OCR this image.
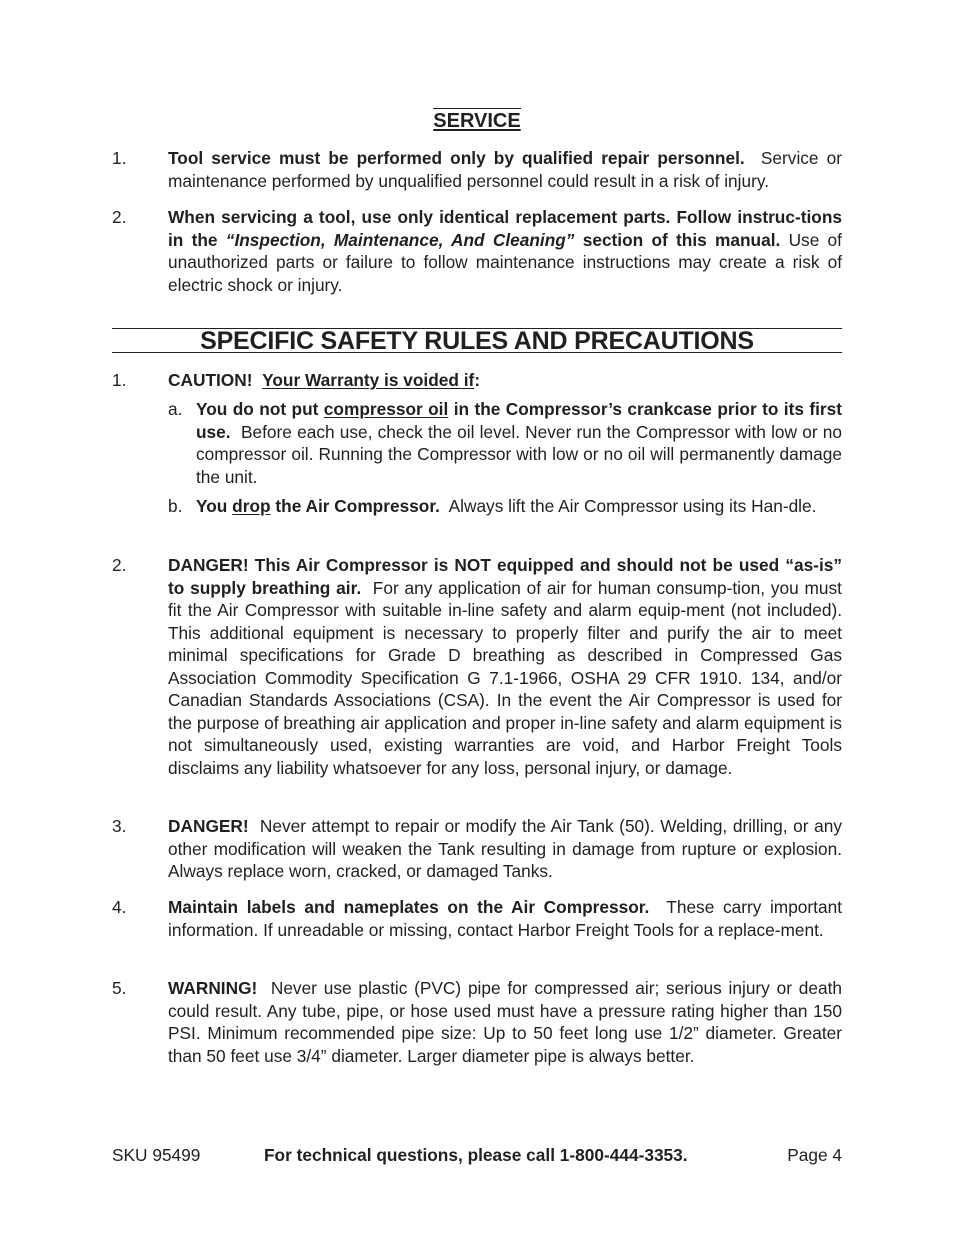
SERVICE
1.	Tool service must be performed only by qualified repair personnel. Service or maintenance performed by unqualified personnel could result in a risk of injury.
2.	When servicing a tool, use only identical replacement parts. Follow instruc-tions in the “Inspection, Maintenance, And Cleaning” section of this manual. Use of unauthorized parts or failure to follow maintenance instructions may create a risk of electric shock or injury.
SPECIFIC SAFETY RULES AND PRECAUTIONS
1.	CAUTION! Your Warranty is voided if:
a. You do not put compressor oil in the Compressor’s crankcase prior to its first use. Before each use, check the oil level. Never run the Compressor with low or no compressor oil. Running the Compressor with low or no oil will permanently damage the unit.
b. You drop the Air Compressor. Always lift the Air Compressor using its Han-dle.
2.	DANGER! This Air Compressor is NOT equipped and should not be used “as-is” to supply breathing air. For any application of air for human consump-tion, you must fit the Air Compressor with suitable in-line safety and alarm equip-ment (not included). This additional equipment is necessary to properly filter and purify the air to meet minimal specifications for Grade D breathing as described in Compressed Gas Association Commodity Specification G 7.1-1966, OSHA 29 CFR 1910. 134, and/or Canadian Standards Associations (CSA). In the event the Air Compressor is used for the purpose of breathing air application and proper in-line safety and alarm equipment is not simultaneously used, existing warranties are void, and Harbor Freight Tools disclaims any liability whatsoever for any loss, personal injury, or damage.
3.	DANGER! Never attempt to repair or modify the Air Tank (50). Welding, drilling, or any other modification will weaken the Tank resulting in damage from rupture or explosion. Always replace worn, cracked, or damaged Tanks.
4.	Maintain labels and nameplates on the Air Compressor. These carry important information. If unreadable or missing, contact Harbor Freight Tools for a replace-ment.
5.	WARNING! Never use plastic (PVC) pipe for compressed air; serious injury or death could result. Any tube, pipe, or hose used must have a pressure rating higher than 150 PSI. Minimum recommended pipe size: Up to 50 feet long use 1/2” diameter. Greater than 50 feet use 3/4” diameter. Larger diameter pipe is always better.
SKU 95499	For technical questions, please call 1-800-444-3353.	Page 4
